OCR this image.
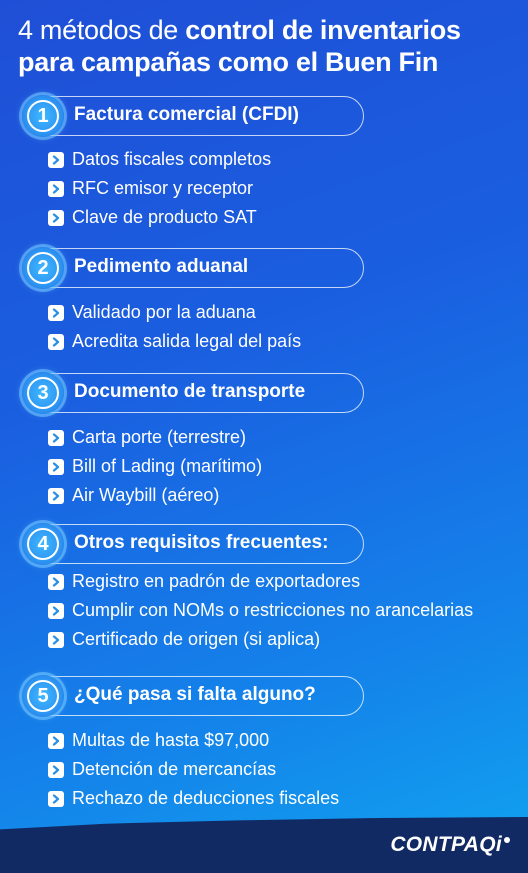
4 métodos de control de inventarios
para campañas como el Buen Fin
1	Factura comercial (CFDI)
Datos fiscales completos
RFC emisor y receptor
Clave de producto SAT
2	Pedimento aduanal
Validado por la aduana
Acredita salida legal del país
3	Documento de transporte
Carta porte (terrestre)
Bill of Lading (marítimo)
Air Waybill (aéreo)
4	Otros requisitos frecuentes:
Registro en padrón de exportadores
Cumplir con NOMs o restricciones no arancelarias
Certificado de origen (si aplica)
5	¿Qué pasa si falta alguno?
Multas de hasta $97,000
Detención de mercancías
Rechazo de deducciones fiscales
CONTPAQi
